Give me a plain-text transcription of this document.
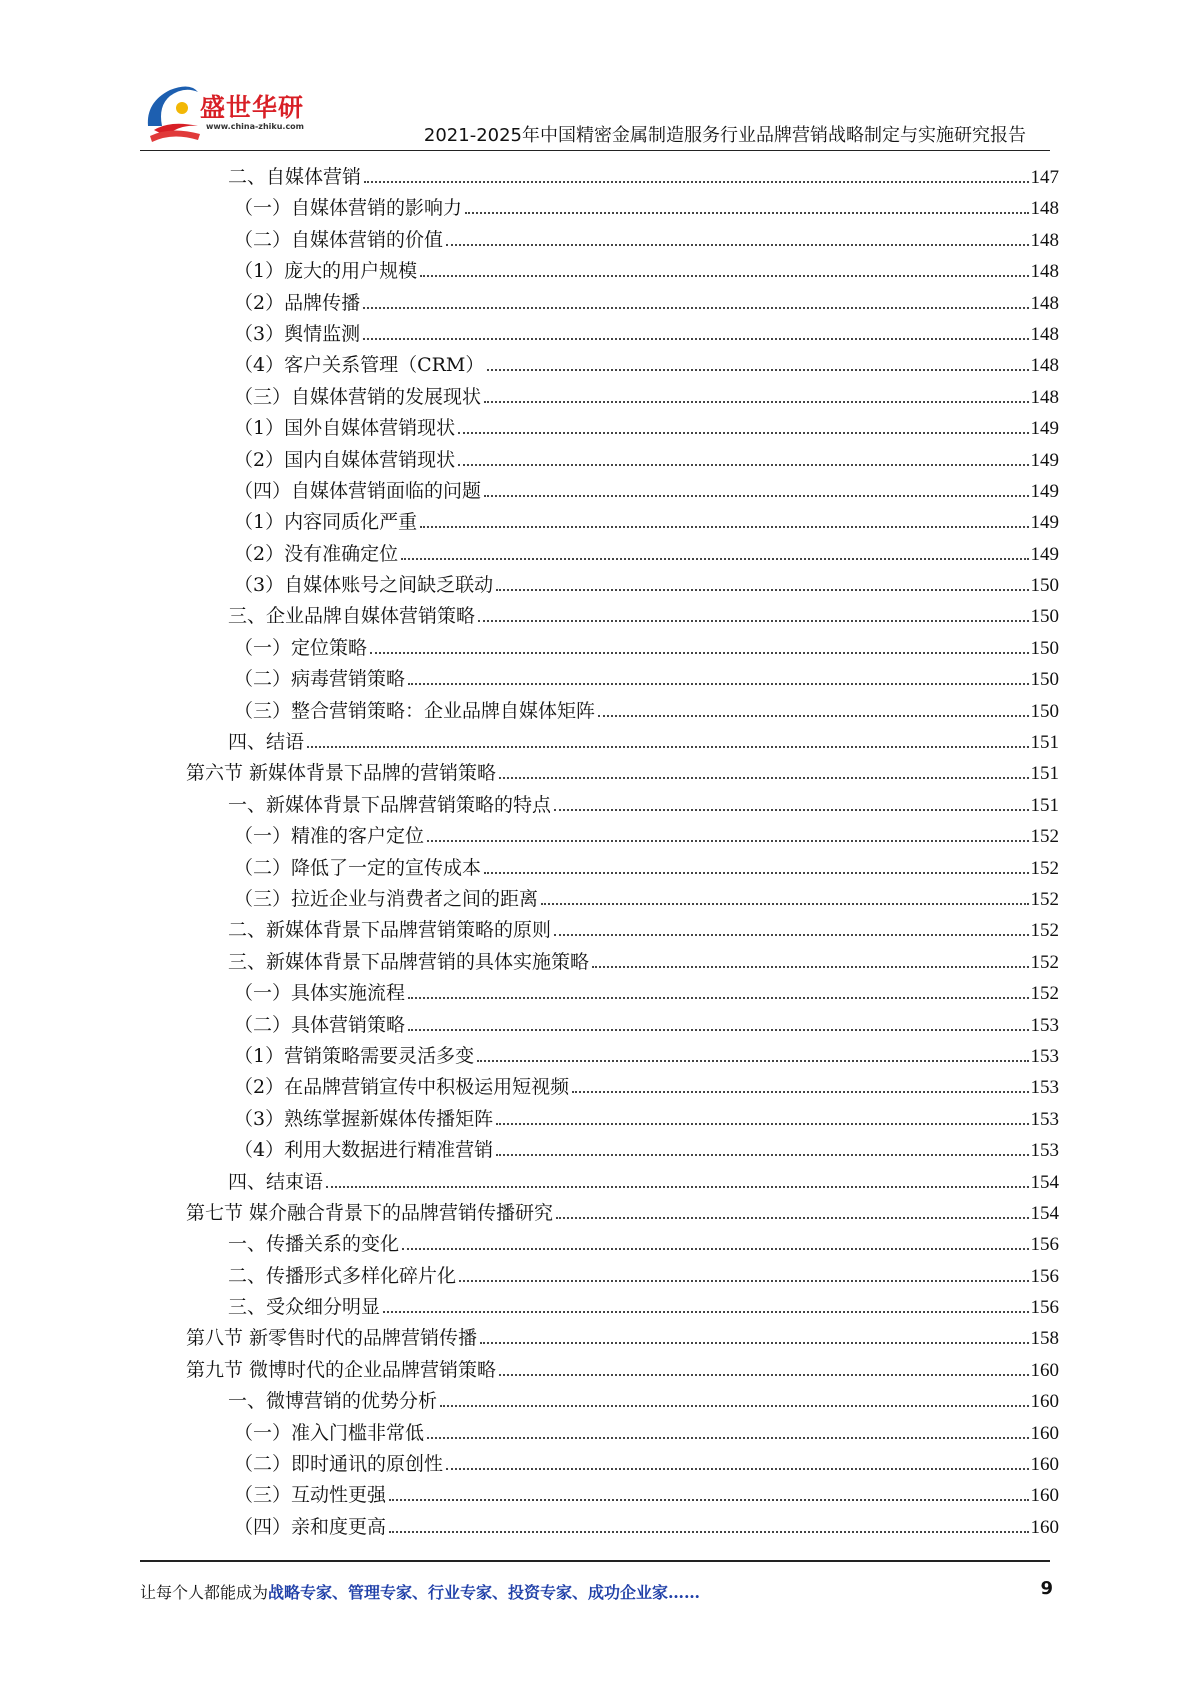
盛世华研
www.china-zhiku.com	2021-2025年中国精密金属制造服务行业品牌营销战略制定与实施研究报告
二、自媒体营销	147
（一）自媒体营销的影响力	148
（二）自媒体营销的价值	148
（1）庞大的用户规模	148
（2）品牌传播	148
（3）舆情监测	148
（4）客户关系管理（CRM）	148
（三）自媒体营销的发展现状	148
（1）国外自媒体营销现状	149
（2）国内自媒体营销现状	149
（四）自媒体营销面临的问题	149
（1）内容同质化严重	149
（2）没有准确定位	149
（3）自媒体账号之间缺乏联动	150
三、企业品牌自媒体营销策略	150
（一）定位策略	150
（二）病毒营销策略	150
（三）整合营销策略：企业品牌自媒体矩阵	150
四、结语	151
第六节 新媒体背景下品牌的营销策略	151
一、新媒体背景下品牌营销策略的特点	151
（一）精准的客户定位	152
（二）降低了一定的宣传成本	152
（三）拉近企业与消费者之间的距离	152
二、新媒体背景下品牌营销策略的原则	152
三、新媒体背景下品牌营销的具体实施策略	152
（一）具体实施流程	152
（二）具体营销策略	153
（1）营销策略需要灵活多变	153
（2）在品牌营销宣传中积极运用短视频	153
（3）熟练掌握新媒体传播矩阵	153
（4）利用大数据进行精准营销	153
四、结束语	154
第七节 媒介融合背景下的品牌营销传播研究	154
一、传播关系的变化	156
二、传播形式多样化碎片化	156
三、受众细分明显	156
第八节 新零售时代的品牌营销传播	158
第九节 微博时代的企业品牌营销策略	160
一、微博营销的优势分析	160
（一）准入门槛非常低	160
（二）即时通讯的原创性	160
（三）互动性更强	160
（四）亲和度更高	160
让每个人都能成为战略专家、管理专家、行业专家、投资专家、成功企业家……	9
